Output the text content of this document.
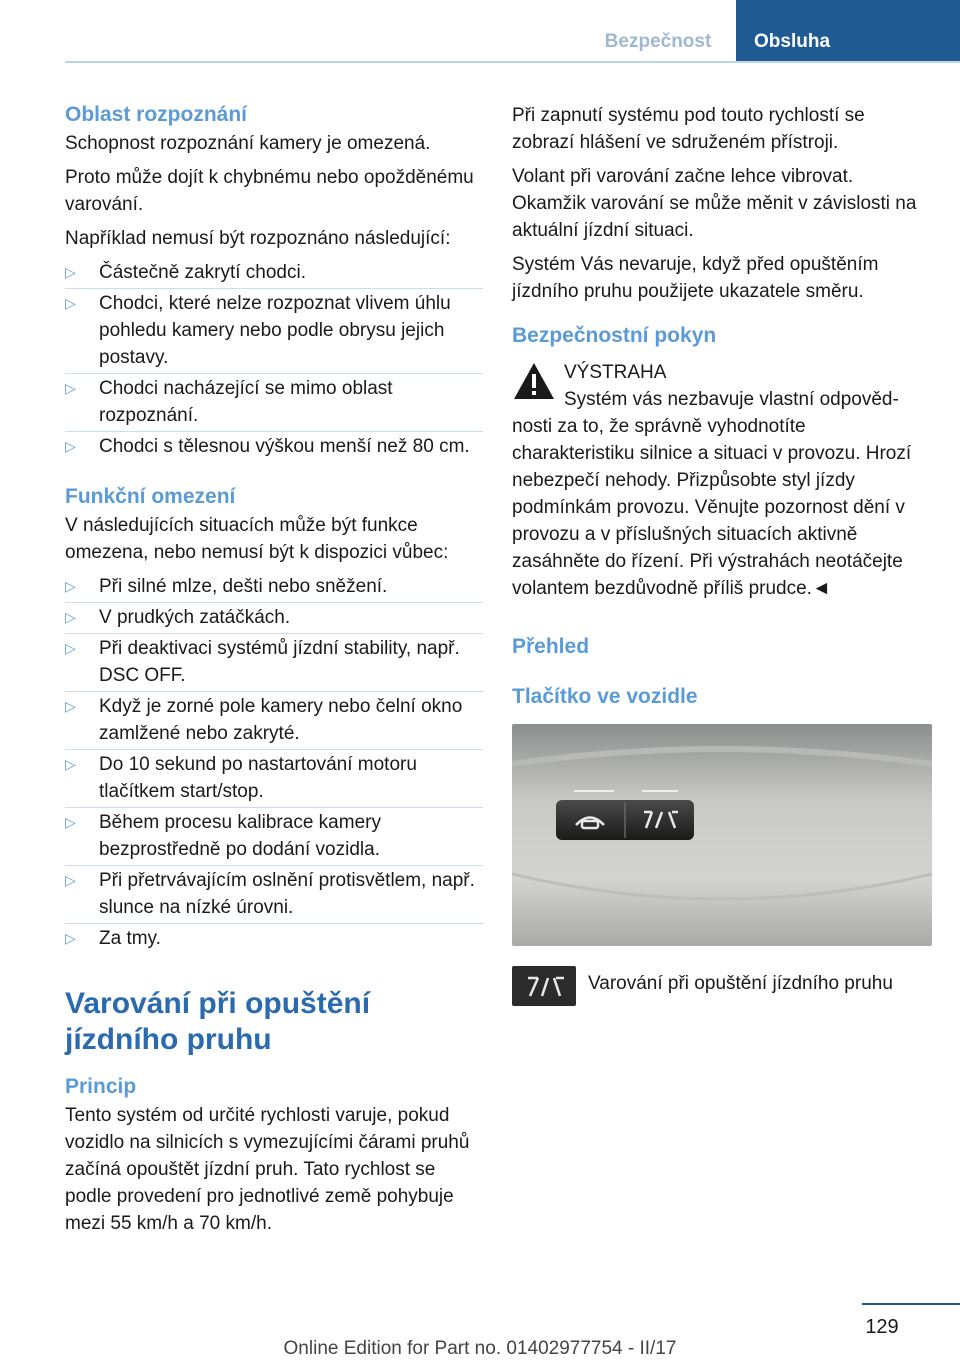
Bezpečnost	Obsluha
Oblast rozpoznání

Schopnost rozpoznání kamery je omezená.

Proto může dojít k chybnému nebo opožděnému varování.

Například nemusí být rozpoznáno následující:

▷ Částečně zakrytí chodci.
▷ Chodci, které nelze rozpoznat vlivem úhlu pohledu kamery nebo podle obrysu jejich postavy.
▷ Chodci nacházející se mimo oblast rozpoznání.
▷ Chodci s tělesnou výškou menší než 80 cm.
Funkční omezení

V následujících situacích může být funkce omezena, nebo nemusí být k dispozici vůbec:

▷ Při silné mlze, dešti nebo sněžení.
▷ V prudkých zatáčkách.
▷ Při deaktivaci systémů jízdní stability, např. DSC OFF.
▷ Když je zorné pole kamery nebo čelní okno zamlžené nebo zakryté.
▷ Do 10 sekund po nastartování motoru tlačítkem start/stop.
▷ Během procesu kalibrace kamery bezprostředně po dodání vozidla.
▷ Při přetrvávajícím oslnění protisvětlem, např. slunce na nízké úrovni.
▷ Za tmy.
Varování při opuštění jízdního pruhu
Princip

Tento systém od určité rychlosti varuje, pokud vozidlo na silnicích s vymezujícími čárami pruhů začíná opouštět jízdní pruh. Tato rychlost se podle provedení pro jednotlivé země pohybuje mezi 55 km/h a 70 km/h.

Při zapnutí systému pod touto rychlostí se zobrazí hlášení ve sdruženém přístroji.

Volant při varování začne lehce vibrovat. Okamžik varování se může měnit v závislosti na aktuální jízdní situaci.

Systém Vás nevaruje, když před opuštěním jízdního pruhu použijete ukazatele směru.

Bezpečnostní pokyn
VÝSTRAHA
Systém vás nezbavuje vlastní odpověd-
nosti za to, že správně vyhodnotíte charakteristiku silnice a situaci v provozu. Hrozí nebezpečí nehody. Přizpůsobte styl jízdy podmínkám provozu. Věnujte pozornost dění v provozu a v příslušných situacích aktivně zasáhněte do řízení. Při výstrahách neotáčejte volantem bezdůvodně příliš prudce.◄
Přehled
Tlačítko ve vozidle
Varování při opuštění jízdního pruhu
129
Online Edition for Part no. 01402977754 - II/17
